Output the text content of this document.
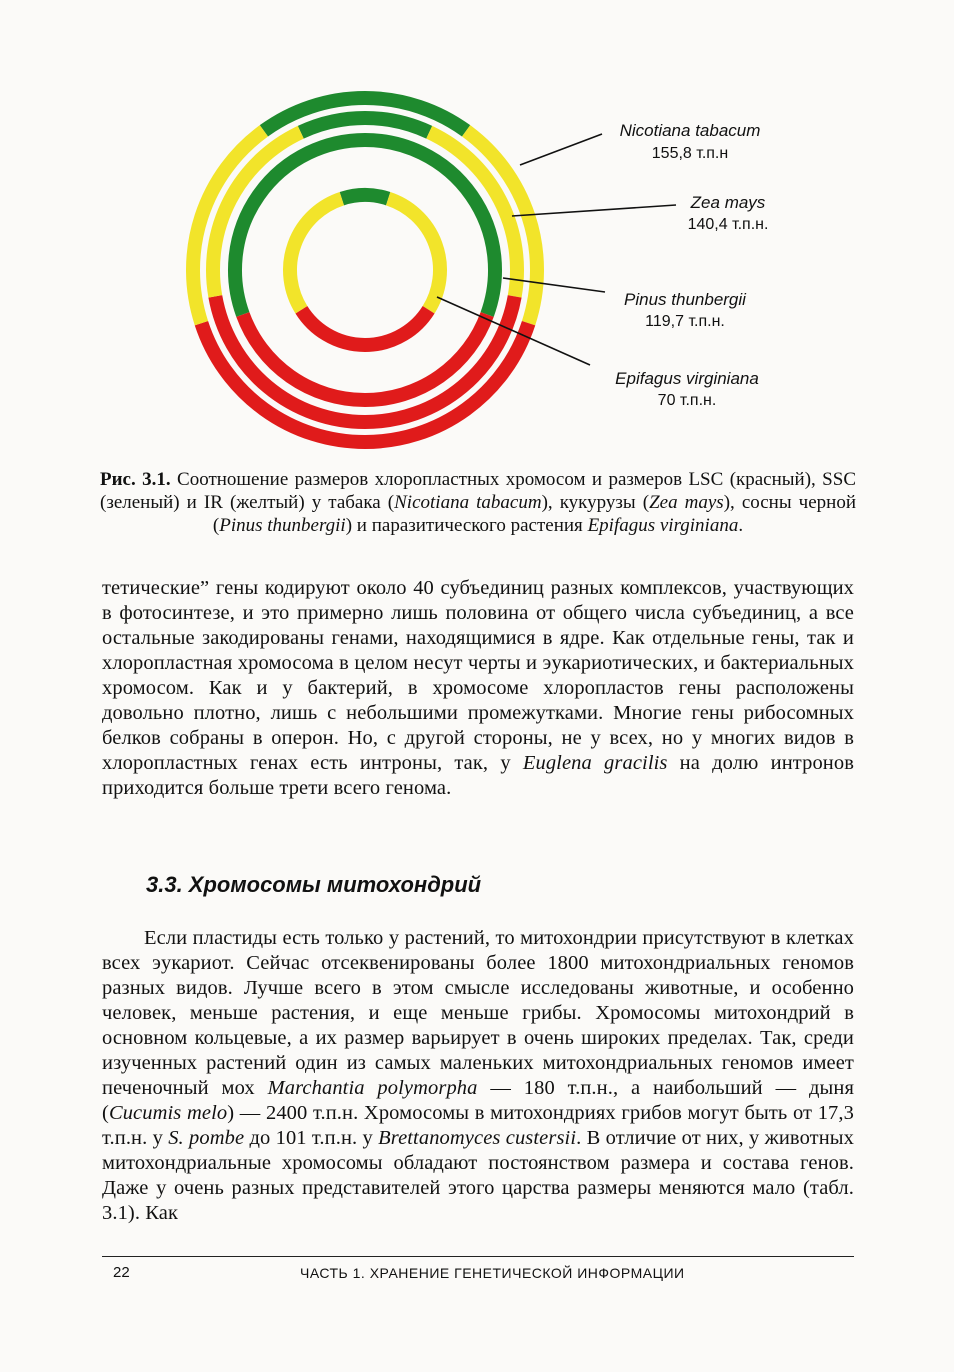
Nicotiana tabacum
155,8 т.п.н
Zea mays
140,4 т.п.н.
Pinus thunbergii
119,7 т.п.н.
Epifagus virginiana
70 т.п.н.
Рис. 3.1. Соотношение размеров хлоропластных хромосом и размеров LSC (красный), SSC (зеленый) и IR (желтый) у табака (Nicotiana tabacum), кукурузы (Zea mays), сосны черной (Pinus thunbergii) и паразитического растения Epifagus virginiana.
тетические” гены кодируют около 40 субъединиц разных комплексов, участвующих в фотосинтезе, и это примерно лишь половина от общего числа субъединиц, а все остальные закодированы генами, находящимися в ядре. Как отдельные гены, так и хлоропластная хромосома в целом несут черты и эукариотических, и бактериальных хромосом. Как и у бактерий, в хромосоме хлоропластов гены расположены довольно плотно, лишь с небольшими промежутками. Многие гены рибосомных белков собраны в оперон. Но, с другой стороны, не у всех, но у многих видов в хлоропластных генах есть интроны, так, у Euglena gracilis на долю интронов приходится больше трети всего генома.
3.3. Хромосомы митохондрий
Если пластиды есть только у растений, то митохондрии присутствуют в клетках всех эукариот. Сейчас отсеквенированы более 1800 митохондриальных геномов разных видов. Лучше всего в этом смысле исследованы животные, и особенно человек, меньше растения, и еще меньше грибы. Хромосомы митохондрий в основном кольцевые, а их размер варьирует в очень широких пределах. Так, среди изученных растений один из самых маленьких митохондриальных геномов имеет печеночный мох Marchantia polymorpha — 180 т.п.н., а наибольший — дыня (Cucumis melo) — 2400 т.п.н. Хромосомы в митохондриях грибов могут быть от 17,3 т.п.н. у S. pombe до 101 т.п.н. у Brettanomyces custersii. В отличие от них, у животных митохондриальные хромосомы обладают постоянством размера и состава генов. Даже у очень разных представителей этого царства размеры меняются мало (табл. 3.1). Как
22	ЧАСТЬ 1. ХРАНЕНИЕ ГЕНЕТИЧЕСКОЙ ИНФОРМАЦИИ
